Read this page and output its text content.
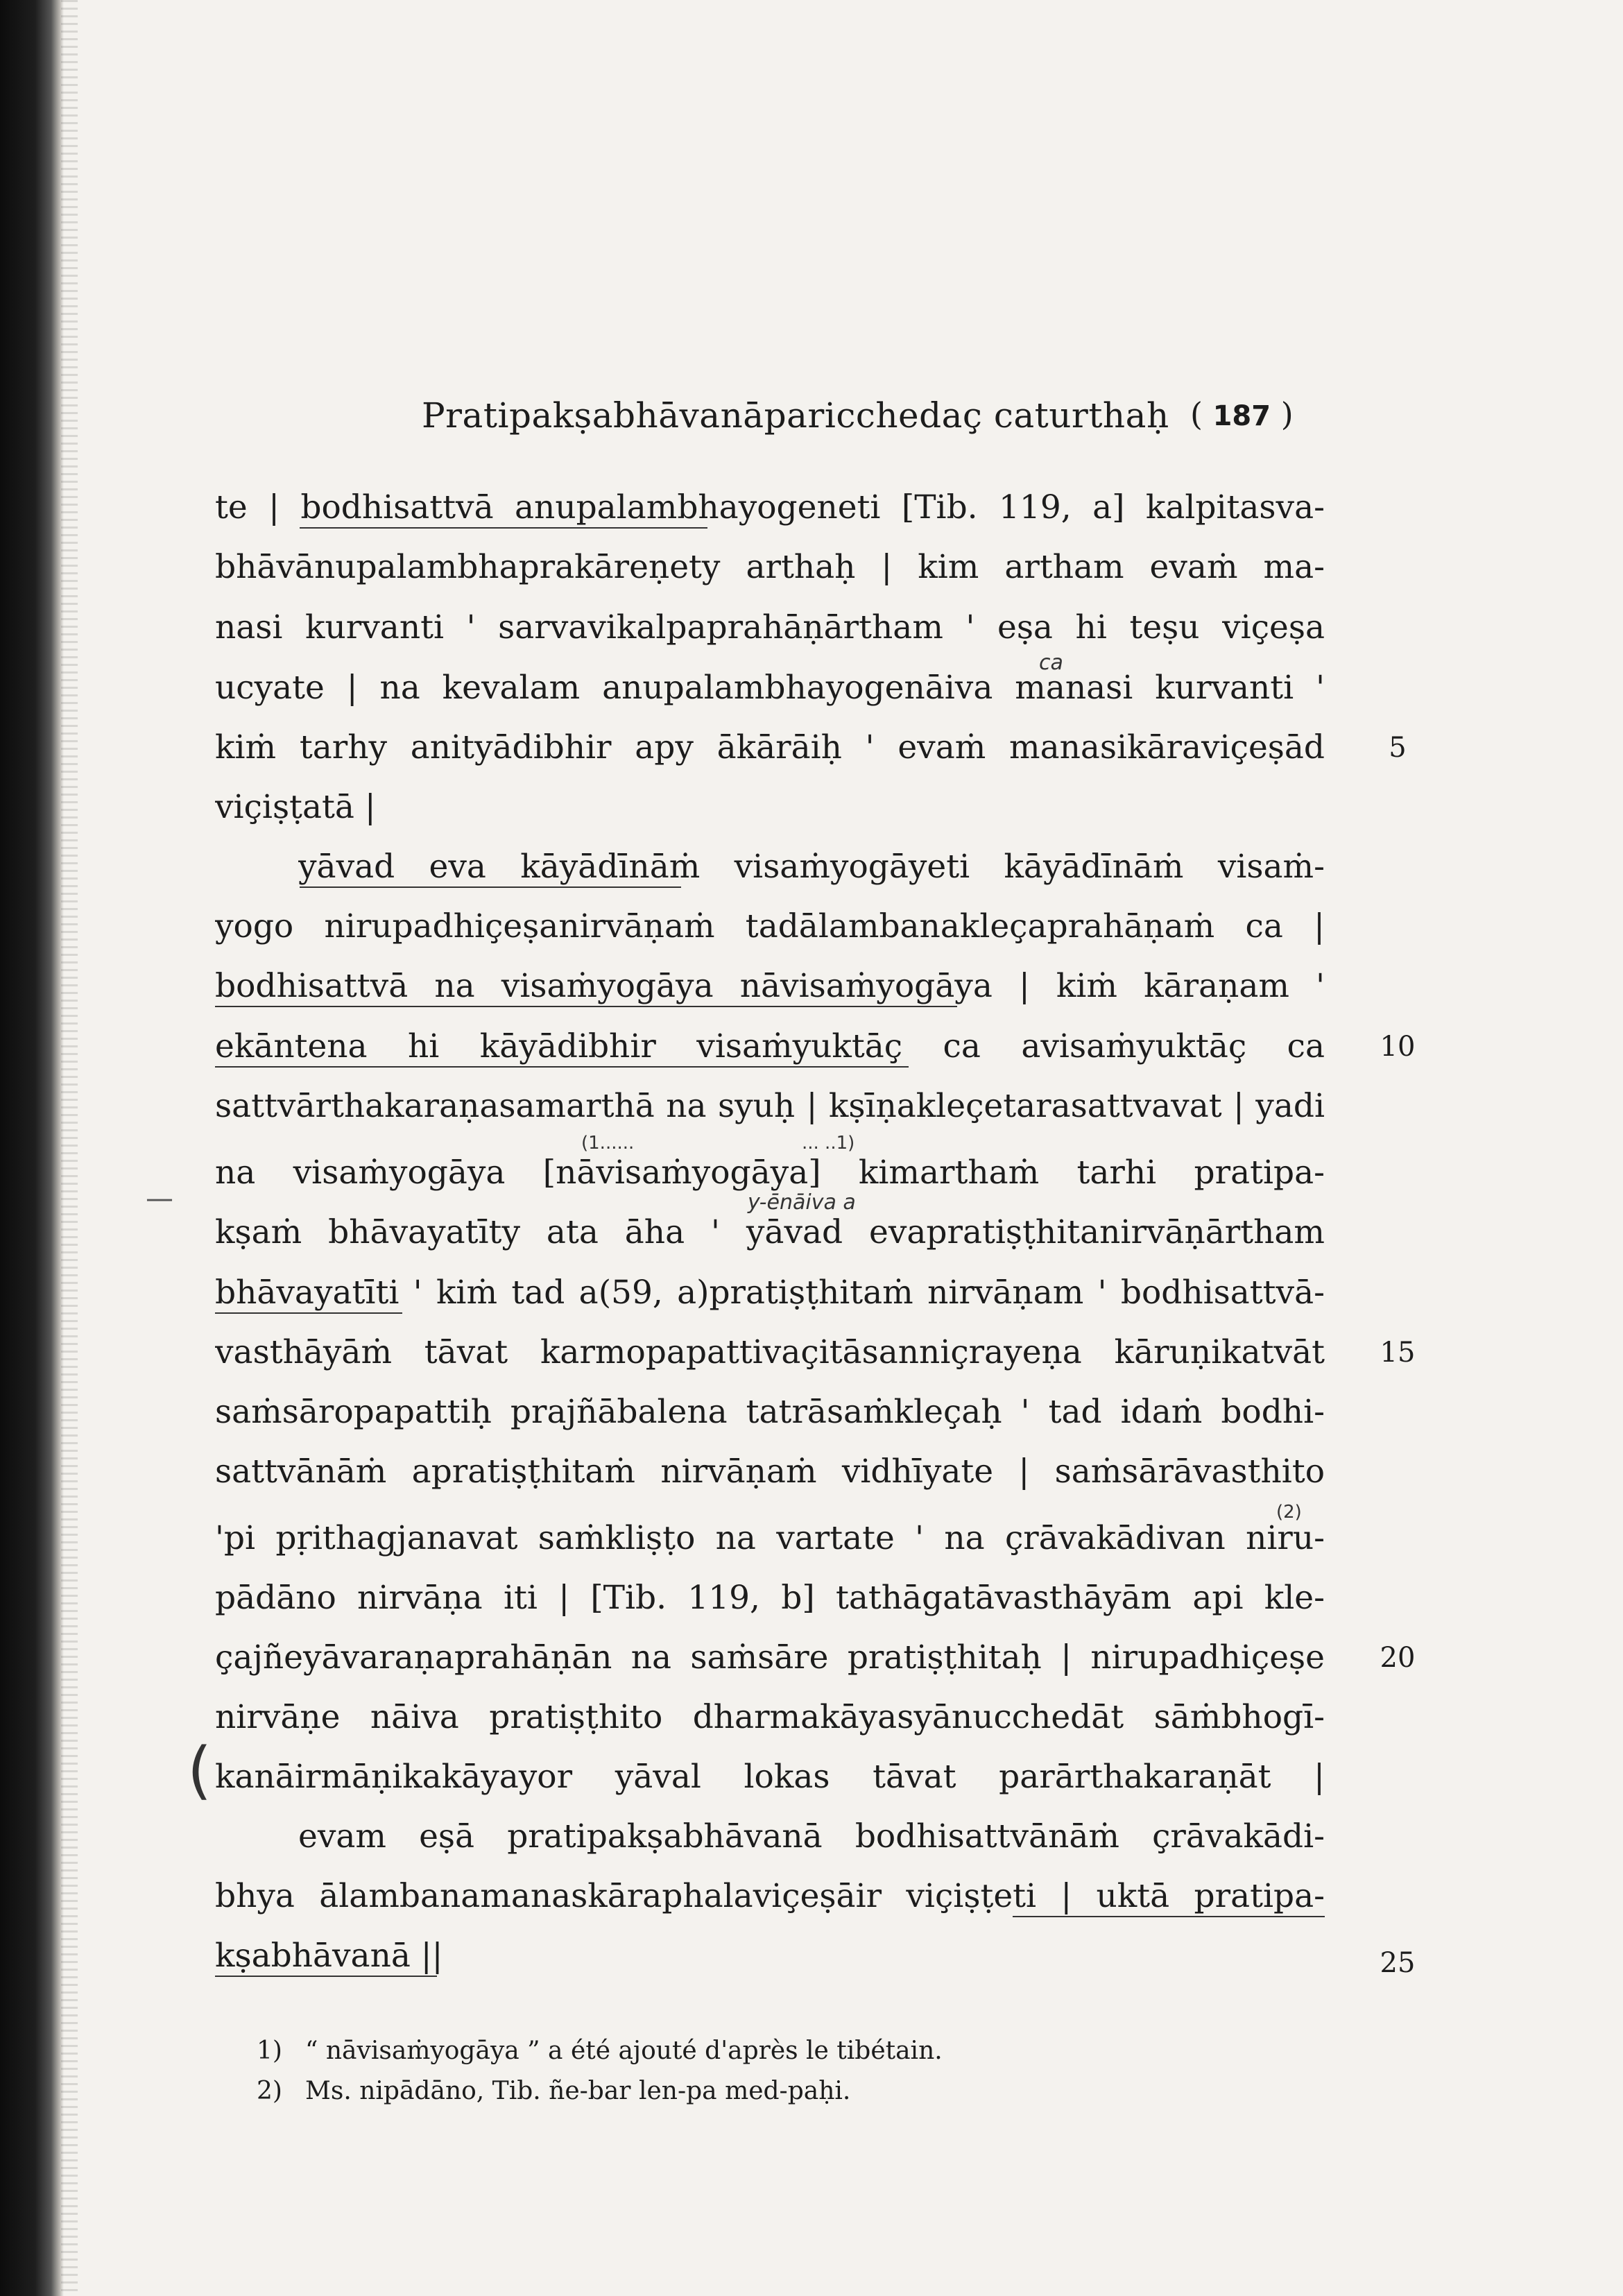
Pratipakṣabhāvanāparicchedaç caturthaḥ ( 187 )
te | bodhisattvā anupalambhayogeneti [Tib. 119, a] kalpitasva-
bhāvānupalambhaprakāreṇety arthaḥ | kim artham evaṁ ma-
nasi kurvanti ' sarvavikalpaprahāṇārtham ' eṣa hi teṣu viçeṣa
ucyate | na kevalam anupalambhayogenāiva manasi kurvanti '
kiṁ tarhy anityādibhir apy ākārāiḥ ' evaṁ manasikāraviçeṣād
viçiṣṭatā |
yāvad eva kāyādīnāṁ visaṁyogāyeti kāyādīnāṁ visaṁ-
yogo nirupadhiçeṣanirvāṇaṁ tadālambanakleçaprahāṇaṁ ca |
bodhisattvā na visaṁyogāya nāvisaṁyogāya | kiṁ kāraṇam '
ekāntena hi kāyādibhir visaṁyuktāç ca avisaṁyuktāç ca
sattvārthakaraṇasamarthā na syuḥ | kṣīṇakleçetarasattvavat | yadi
na visaṁyogāya [nāvisaṁyogāya] kimarthaṁ tarhi pratipa-
kṣaṁ bhāvayatīty ata āha ' yāvad evapratiṣṭhitanirvāṇārtham
bhāvayatīti ' kiṁ tad a(59, a)pratiṣṭhitaṁ nirvāṇam ' bodhisattvā-
vasthāyāṁ tāvat karmopapattivaçitāsanniçrayeṇa kāruṇikatvāt
saṁsāropapattiḥ prajñābalena tatrāsaṁkleçaḥ ' tad idaṁ bodhi-
sattvānāṁ apratiṣṭhitaṁ nirvāṇaṁ vidhīyate | saṁsārāvasthito
'pi pṛithagjanavat saṁkliṣṭo na vartate ' na çrāvakādivan niru-
pādāno nirvāṇa iti | [Tib. 119, b] tathāgatāvasthāyām api kle-
çajñeyāvaraṇaprahāṇān na saṁsāre pratiṣṭhitaḥ | nirupadhiçeṣe
nirvāṇe nāiva pratiṣṭhito dharmakāyasyānucchedāt sāṁbhogī-
kanāirmāṇikakāyayor yāval lokas tāvat parārthakaraṇāt |
evam eṣā pratipakṣabhāvanā bodhisattvānāṁ çrāvakādi-
bhya ālambanamanaskāraphalaviçeṣāir viçiṣṭeti | uktā pratipa-
kṣabhāvanā ||
5
10
15
20
25
(1......	... ..1)
(2)
ca
y-ēnāiva a
—
(
1) “ nāvisaṁyogāya ” a été ajouté d'après le tibétain.
2) Ms. nipādāno, Tib. ñe-bar len-pa med-paḥi.
